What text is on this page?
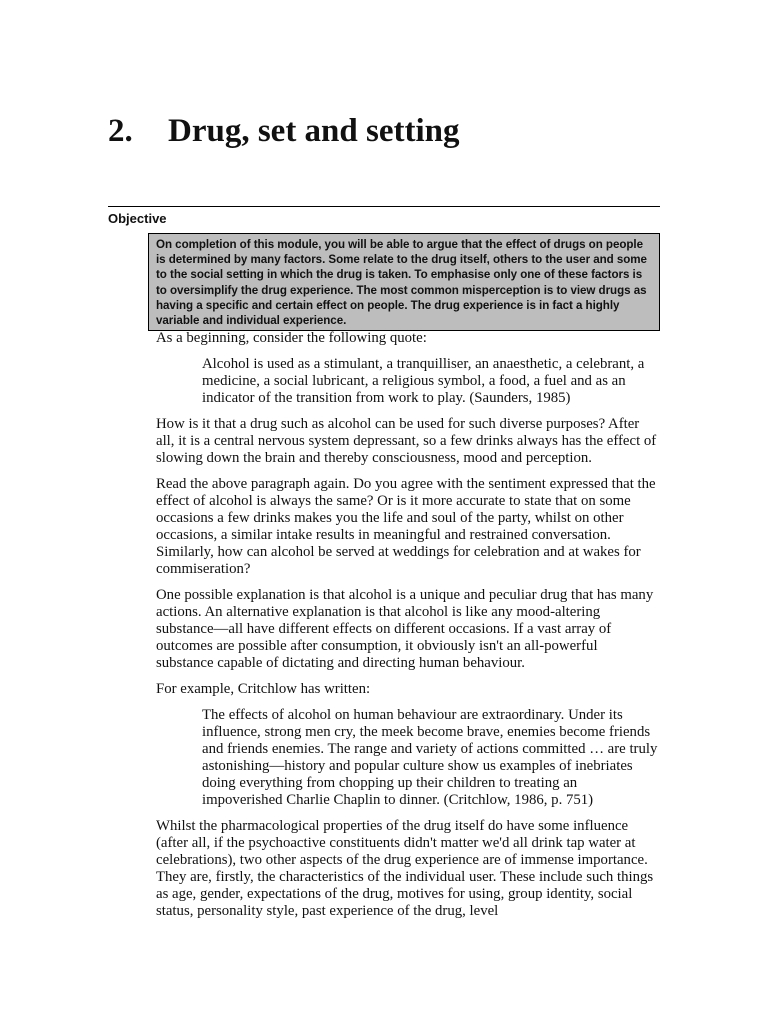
2. Drug, set and setting
Objective
On completion of this module, you will be able to argue that the effect of drugs on people is determined by many factors. Some relate to the drug itself, others to the user and some to the social setting in which the drug is taken. To emphasise only one of these factors is to oversimplify the drug experience. The most common misperception is to view drugs as having a specific and certain effect on people. The drug experience is in fact a highly variable and individual experience.

As a beginning, consider the following quote:

Alcohol is used as a stimulant, a tranquilliser, an anaesthetic, a celebrant, a medicine, a social lubricant, a religious symbol, a food, a fuel and as an indicator of the transition from work to play. (Saunders, 1985)

How is it that a drug such as alcohol can be used for such diverse purposes? After all, it is a central nervous system depressant, so a few drinks always has the effect of slowing down the brain and thereby consciousness, mood and perception.

Read the above paragraph again. Do you agree with the sentiment expressed that the effect of alcohol is always the same? Or is it more accurate to state that on some occasions a few drinks makes you the life and soul of the party, whilst on other occasions, a similar intake results in meaningful and restrained conversation. Similarly, how can alcohol be served at weddings for celebration and at wakes for commiseration?

One possible explanation is that alcohol is a unique and peculiar drug that has many actions. An alternative explanation is that alcohol is like any mood-altering substance—all have different effects on different occasions. If a vast array of outcomes are possible after consumption, it obviously isn't an all-powerful substance capable of dictating and directing human behaviour.

For example, Critchlow has written:

The effects of alcohol on human behaviour are extraordinary. Under its influence, strong men cry, the meek become brave, enemies become friends and friends enemies. The range and variety of actions committed … are truly astonishing—history and popular culture show us examples of inebriates doing everything from chopping up their children to treating an impoverished Charlie Chaplin to dinner. (Critchlow, 1986, p. 751)

Whilst the pharmacological properties of the drug itself do have some influence (after all, if the psychoactive constituents didn't matter we'd all drink tap water at celebrations), two other aspects of the drug experience are of immense importance. They are, firstly, the characteristics of the individual user. These include such things as age, gender, expectations of the drug, motives for using, group identity, social status, personality style, past experience of the drug, level
